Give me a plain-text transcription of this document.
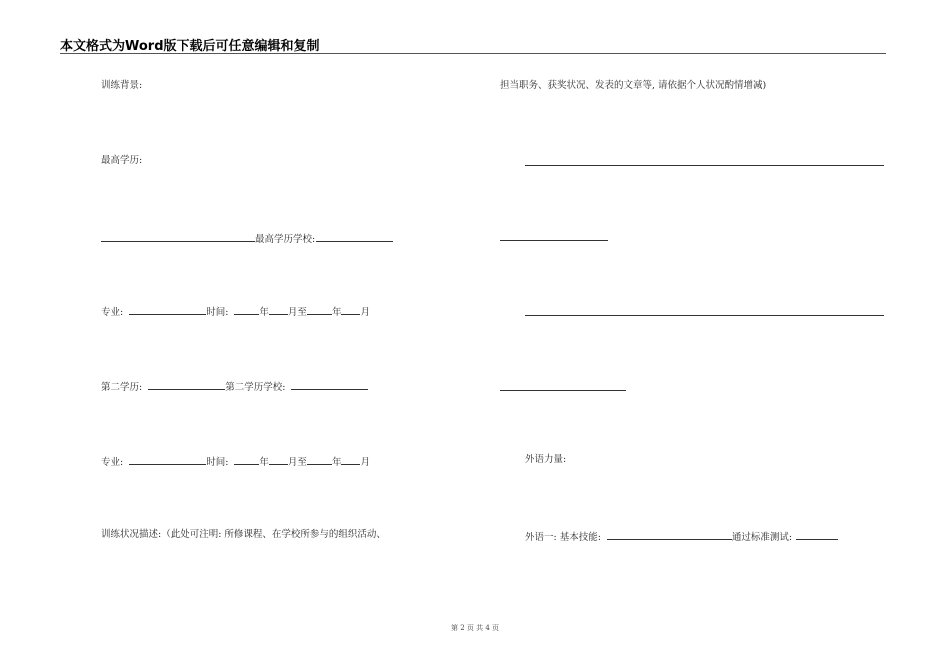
本文格式为Word版下载后可任意编辑和复制
训练背景:
最高学历:
最高学历学校:
专业:	时间:	年 月至	年 月
第二学历:	第二学历学校:
专业:	时间:	年 月至	年 月
训练状况描述:（此处可注明: 所修课程、在学校所参与的组织活动、
担当职务、获奖状况、发表的文章等, 请依据个人状况酌情增减)
外语力量:
外语一: 基本技能:	通过标准测试:
第 2 页 共 4 页
